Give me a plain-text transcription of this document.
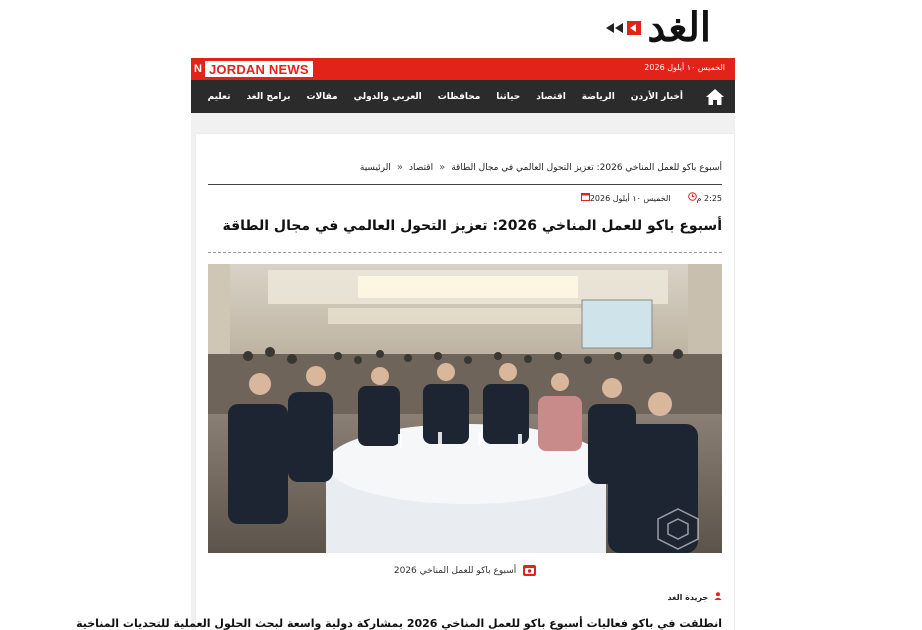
الغد
N JORDAN NEWS	الخميس ١٠ أيلول 2026
أخبار الأردن
الرياضة
اقتصاد
حياتنا
محافظات
العربي والدولي
مقالات
برامج الغد
تعليم
الرئيسية « اقتصاد « أسبوع باكو للعمل المناخي 2026: تعزيز التحول العالمي في مجال الطاقة
الخميس ١٠ أيلول 2026	2:25 م
أسبوع باكو للعمل المناخي 2026: تعزيز التحول العالمي في مجال الطاقة
أسبوع باكو للعمل المناخي 2026
جريدة الغد

انطلقت في باكو فعاليات أسبوع باكو للعمل المناخي 2026 بمشاركة دولية واسعة لبحث الحلول العملية للتحديات المناخية
